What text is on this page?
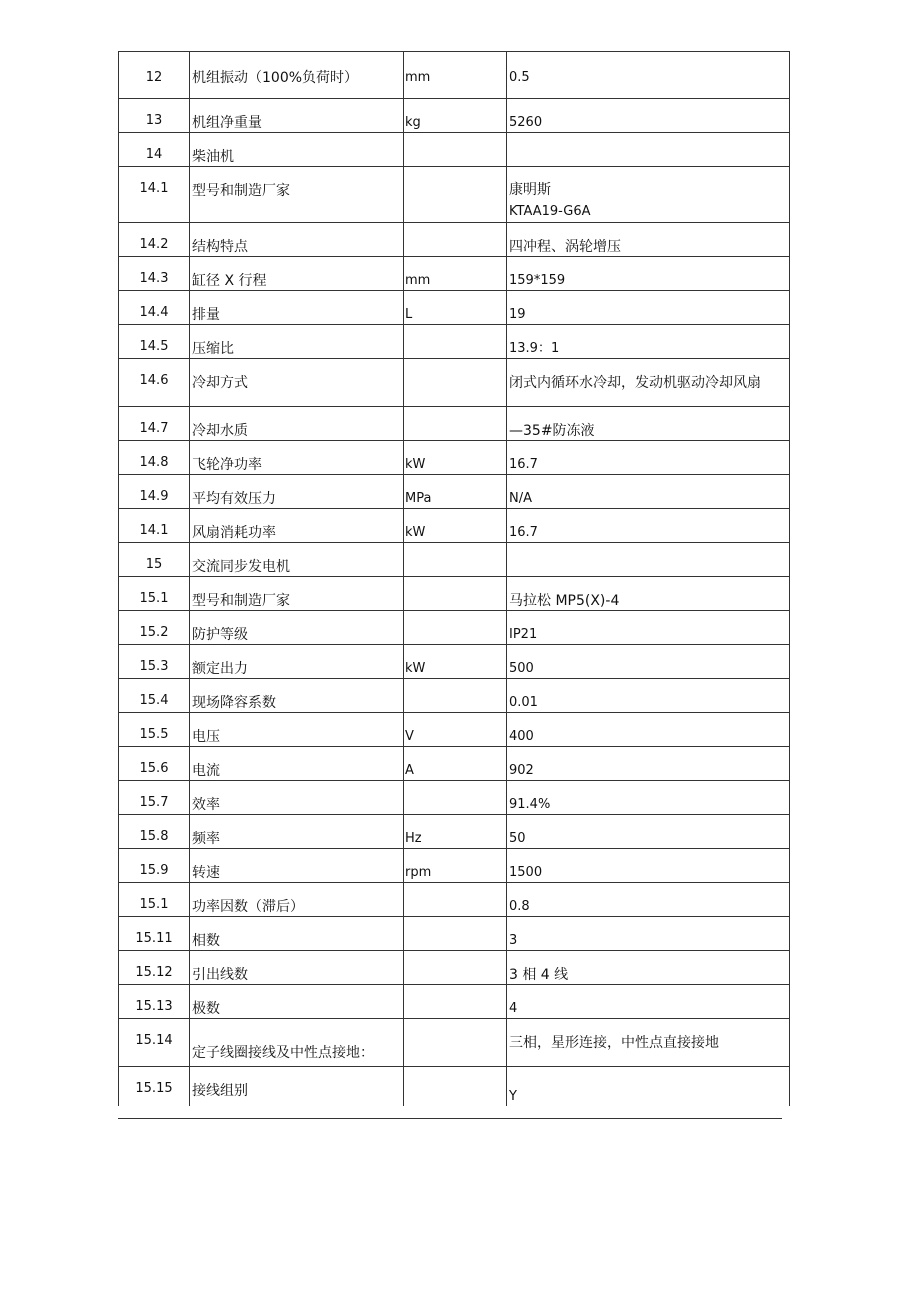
12	机组振动（100%负荷时）	mm	0.5
13	机组净重量	kg	5260
14	柴油机		
14.1	型号和制造厂家		康明斯
KTAA19-G6A

14.2	结构特点		四冲程、涡轮增压
14.3	缸径 X 行程	mm	159*159
14.4	排量	L	19
14.5	压缩比		13.9：1
14.6	冷却方式		闭式内循环水冷却，发动机驱动冷却风扇
14.7	冷却水质		—35#防冻液
14.8	飞轮净功率	kW	16.7
14.9	平均有效压力	MPa	N/A
14.1	风扇消耗功率	kW	16.7
15	交流同步发电机		
15.1	型号和制造厂家		马拉松 MP5(X)-4
15.2	防护等级		IP21
15.3	额定出力	kW	500
15.4	现场降容系数		0.01
15.5	电压	V	400
15.6	电流	A	902
15.7	效率		91.4%
15.8	频率	Hz	50
15.9	转速	rpm	1500
15.1	功率因数（滞后）		0.8
15.11	相数		3
15.12	引出线数		3 相 4 线
15.13	极数		4
15.14	定子线圈接线及中性点接地：		三相，星形连接，中性点直接接地
15.15	接线组别		Y
